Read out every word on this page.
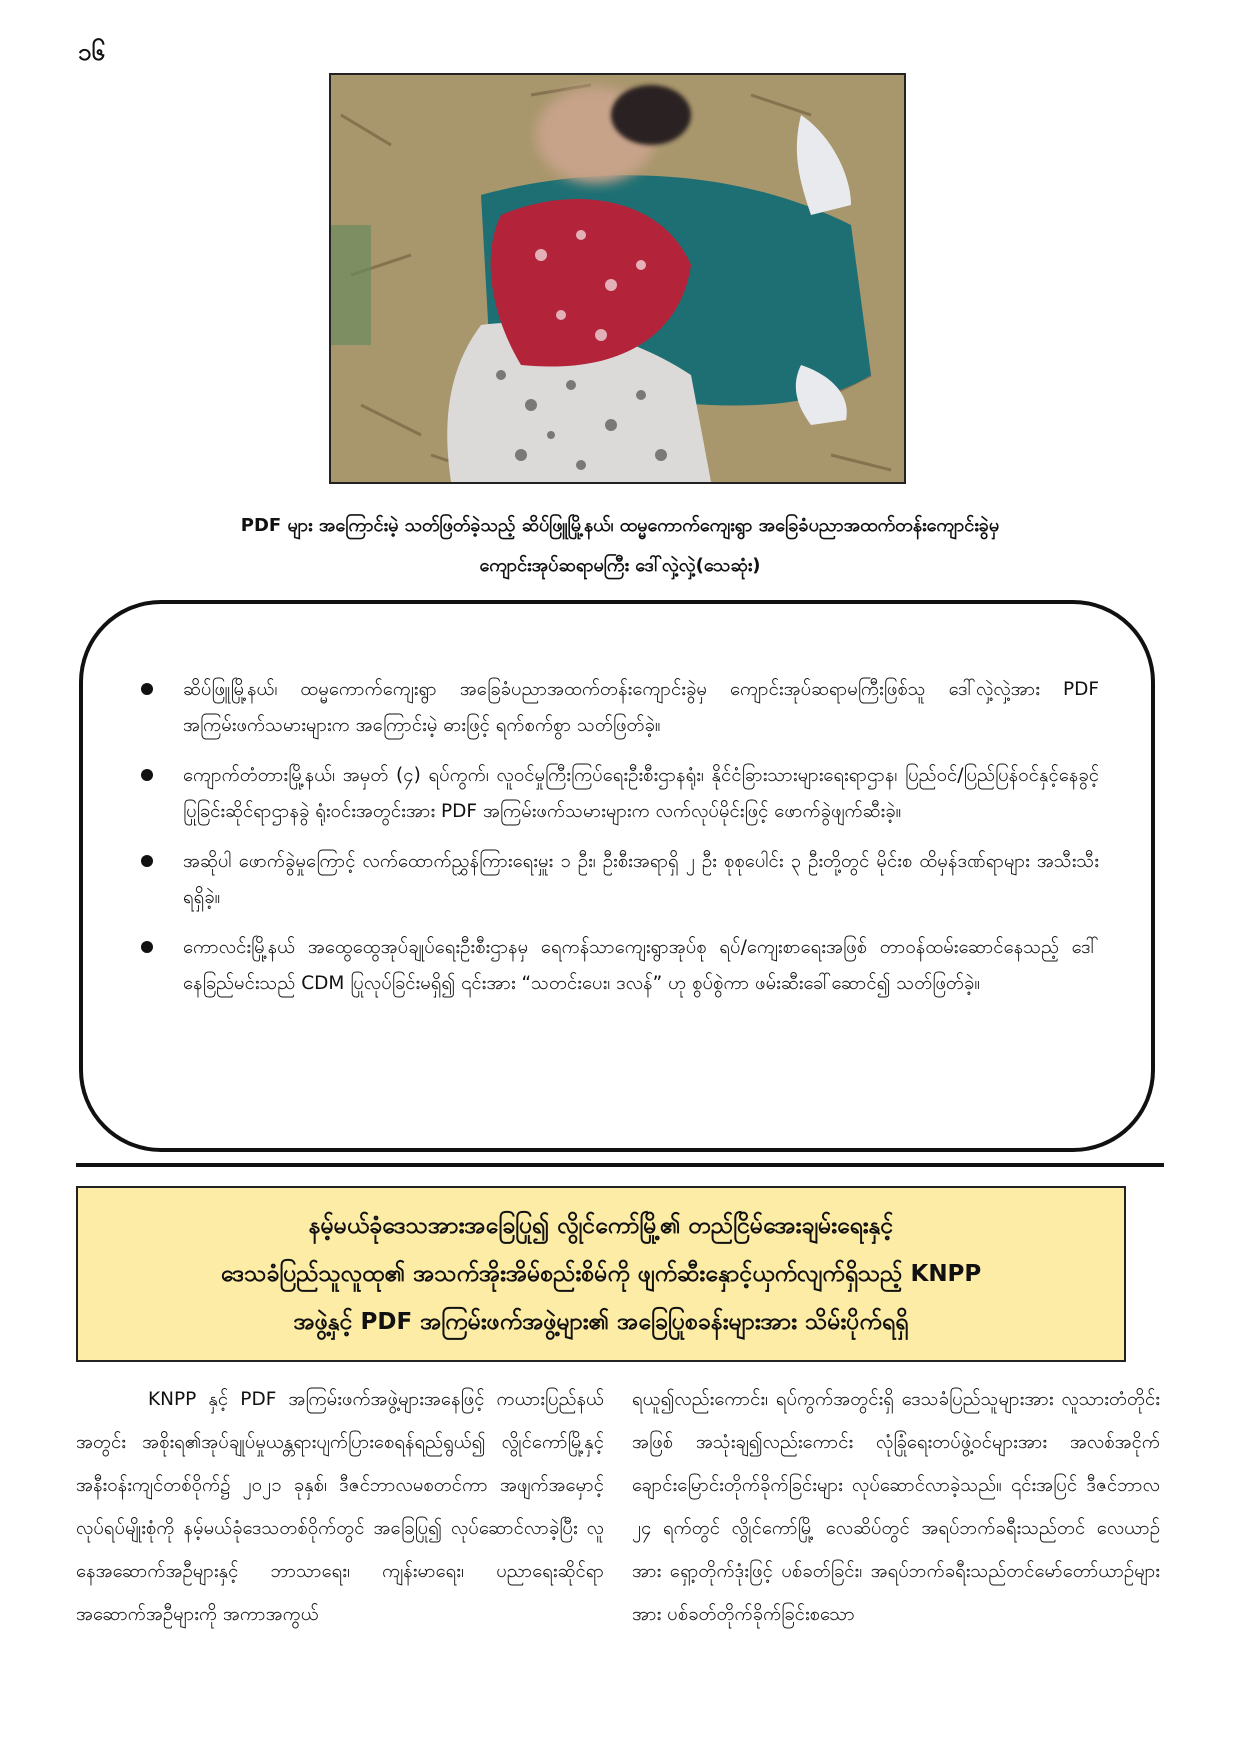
၁၆
PDF များ အကြောင်းမဲ့ သတ်ဖြတ်ခဲ့သည့် ဆိပ်ဖြူမြို့နယ်၊ ထမ္မကောက်ကျေးရွာ အခြေခံပညာအထက်တန်းကျောင်းခွဲမှ
ကျောင်းအုပ်ဆရာမကြီး ဒေါ်လှဲ့လှဲ့(သေဆုံး)
ဆိပ်ဖြူမြို့နယ်၊ ထမ္မကောက်ကျေးရွာ အခြေခံပညာအထက်တန်းကျောင်းခွဲမှ ကျောင်းအုပ်ဆရာမကြီးဖြစ်သူ ဒေါ်လှဲ့လှဲ့အား PDF အကြမ်းဖက်သမားများက အကြောင်းမဲ့ ဓားဖြင့် ရက်စက်စွာ သတ်ဖြတ်ခဲ့။
ကျောက်တံတားမြို့နယ်၊ အမှတ် (၄) ရပ်ကွက်၊ လူဝင်မှုကြီးကြပ်ရေးဦးစီးဌာနရုံး၊ နိုင်ငံခြားသားများရေးရာဌာန၊ ပြည်ဝင်/ပြည်ပြန်ဝင်နှင့်နေခွင့်ပြုခြင်းဆိုင်ရာဌာနခွဲ ရုံးဝင်းအတွင်းအား PDF အကြမ်းဖက်သမားများက လက်လုပ်မိုင်းဖြင့် ဖောက်ခွဲဖျက်ဆီးခဲ့။
အဆိုပါ ဖောက်ခွဲမှုကြောင့် လက်ထောက်ညွှန်ကြားရေးမှူး ၁ ဦး၊ ဦးစီးအရာရှိ ၂ ဦး စုစုပေါင်း ၃ ဦးတို့တွင် မိုင်းစ ထိမှန်ဒဏ်ရာများ အသီးသီးရရှိခဲ့။
ကောလင်းမြို့နယ် အထွေထွေအုပ်ချုပ်ရေးဦးစီးဌာနမှ ရေကန်သာကျေးရွာအုပ်စု ရပ်/ကျေးစာရေးအဖြစ် တာဝန်ထမ်းဆောင်နေသည့် ဒေါ်နေခြည်မင်းသည် CDM ပြုလုပ်ခြင်းမရှိ၍ ၎င်းအား “သတင်းပေး၊ ဒလန်” ဟု စွပ်စွဲကာ ဖမ်းဆီးခေါ်ဆောင်၍ သတ်ဖြတ်ခဲ့။
နမ့်မယ်ခုံဒေသအားအခြေပြု၍ လွိုင်ကော်မြို့၏ တည်ငြိမ်အေးချမ်းရေးနှင့်
ဒေသခံပြည်သူလူထု၏ အသက်အိုးအိမ်စည်းစိမ်ကို ဖျက်ဆီးနှောင့်ယှက်လျက်ရှိသည့် KNPP
အဖွဲ့နှင့် PDF အကြမ်းဖက်အဖွဲ့များ၏ အခြေပြုစခန်းများအား သိမ်းပိုက်ရရှိ
KNPP နှင့် PDF အကြမ်းဖက်အဖွဲ့များအနေဖြင့် ကယားပြည်နယ်အတွင်း အစိုးရ၏အုပ်ချုပ်မှုယန္တရားပျက်ပြားစေရန်ရည်ရွယ်၍ လွိုင်ကော်မြို့နှင့် အနီးဝန်းကျင်တစ်ဝိုက်၌ ၂၀၂၁ ခုနှစ်၊ ဒီဇင်ဘာလမစတင်ကာ အဖျက်အမှောင့်လုပ်ရပ်မျိုးစုံကို နမ့်မယ်ခုံဒေသတစ်ဝိုက်တွင် အခြေပြု၍ လုပ်ဆောင်လာခဲ့ပြီး လူနေအဆောက်အဦများနှင့် ဘာသာရေး၊ ကျန်းမာရေး၊ ပညာရေးဆိုင်ရာ အဆောက်အဦများကို အကာအကွယ်
ရယူ၍လည်းကောင်း၊ ရပ်ကွက်အတွင်းရှိ ဒေသခံပြည်သူများအား လူသားတံတိုင်းအဖြစ် အသုံးချ၍လည်းကောင်း လုံခြုံရေးတပ်ဖွဲ့ဝင်များအား အလစ်အငိုက် ချောင်းမြောင်းတိုက်ခိုက်ခြင်းများ လုပ်ဆောင်လာခဲ့သည်။ ၎င်းအပြင် ဒီဇင်ဘာလ ၂၄ ရက်တွင် လွိုင်ကော်မြို့ လေဆိပ်တွင် အရပ်ဘက်ခရီးသည်တင် လေယာဉ်အား ရှော့တိုက်ဒုံးဖြင့် ပစ်ခတ်ခြင်း၊ အရပ်ဘက်ခရီးသည်တင်မော်တော်ယာဉ်များအား ပစ်ခတ်တိုက်ခိုက်ခြင်းစသော
